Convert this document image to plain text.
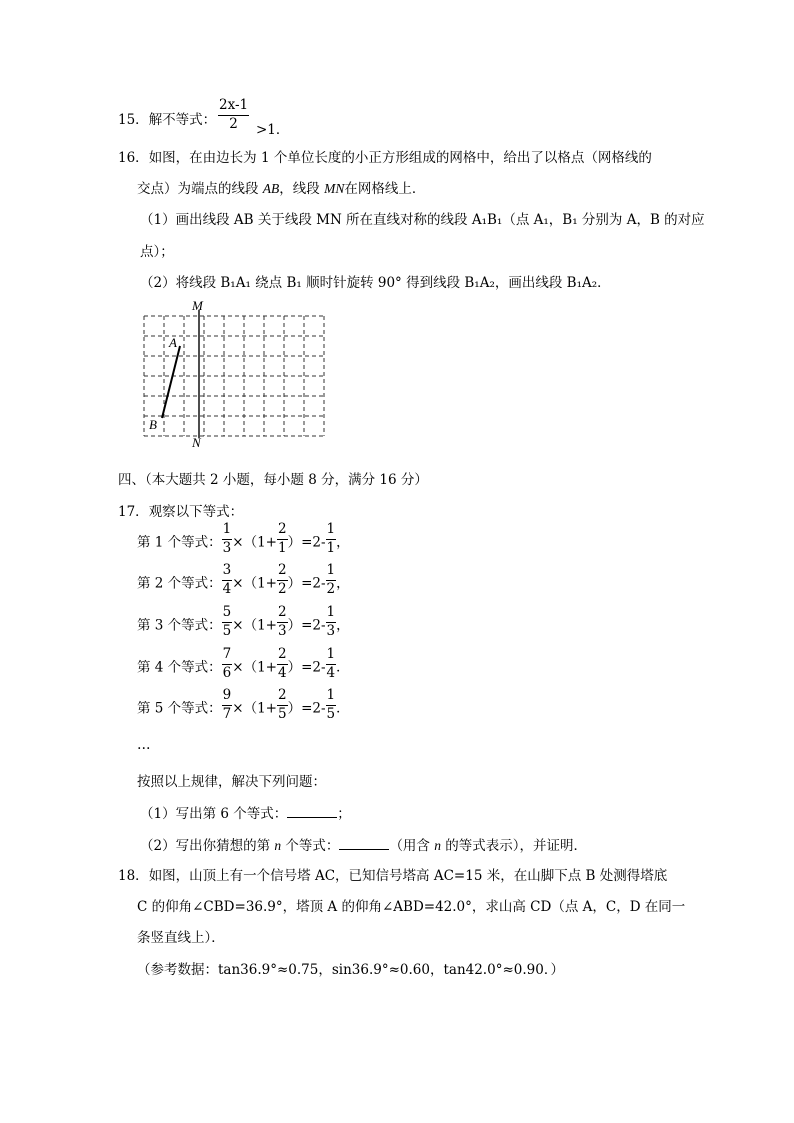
15．解不等式： $\frac{2x-1}{2} >1$．
16．如图，在由边长为 1 个单位长度的小正方形组成的网格中，给出了以格点（网格线的
交点）为端点的线段 AB，线段 MN在网格线上．
（1）画出线段 AB 关于线段 MN 所在直线对称的线段 A₁B₁（点 A₁，B₁ 分别为 A，B 的对应
点）；
（2）将线段 B₁A₁ 绕点 B₁ 顺时针旋转 90° 得到线段 B₁A₂，画出线段 B₁A₂．
M
N
A
B
四、（本大题共 2 小题，每小题 8 分，满分 16 分）
17．观察以下等式：
第 1 个等式： $\frac{1}{3} \times(1+ \frac{2}{1} )=2- \frac{1}{1}$ ，
第 2 个等式： $\frac{3}{4} \times(1+ \frac{2}{2} )=2- \frac{1}{2}$ ，
第 3 个等式： $\frac{5}{5} \times(1+ \frac{2}{3} )=2- \frac{1}{3}$ ，
第 4 个等式： $\frac{7}{6} \times(1+ \frac{2}{4} )=2- \frac{1}{4}$ ．
第 5 个等式： $\frac{9}{7} \times(1+ \frac{2}{5} )=2- \frac{1}{5}$ ．
…
按照以上规律，解决下列问题：
（1）写出第 6 个等式：	；
（2）写出你猜想的第 n 个等式：	（用含 n 的等式表示），并证明．
18．如图，山顶上有一个信号塔 AC，已知信号塔高 AC=15 米，在山脚下点 B 处测得塔底
C 的仰角∠CBD=36.9°，塔顶 A 的仰角∠ABD=42.0°，求山高 CD（点 A，C，D 在同一
条竖直线上）．
（参考数据：tan36.9°≈0.75，sin36.9°≈0.60，tan42.0°≈0.90．）
